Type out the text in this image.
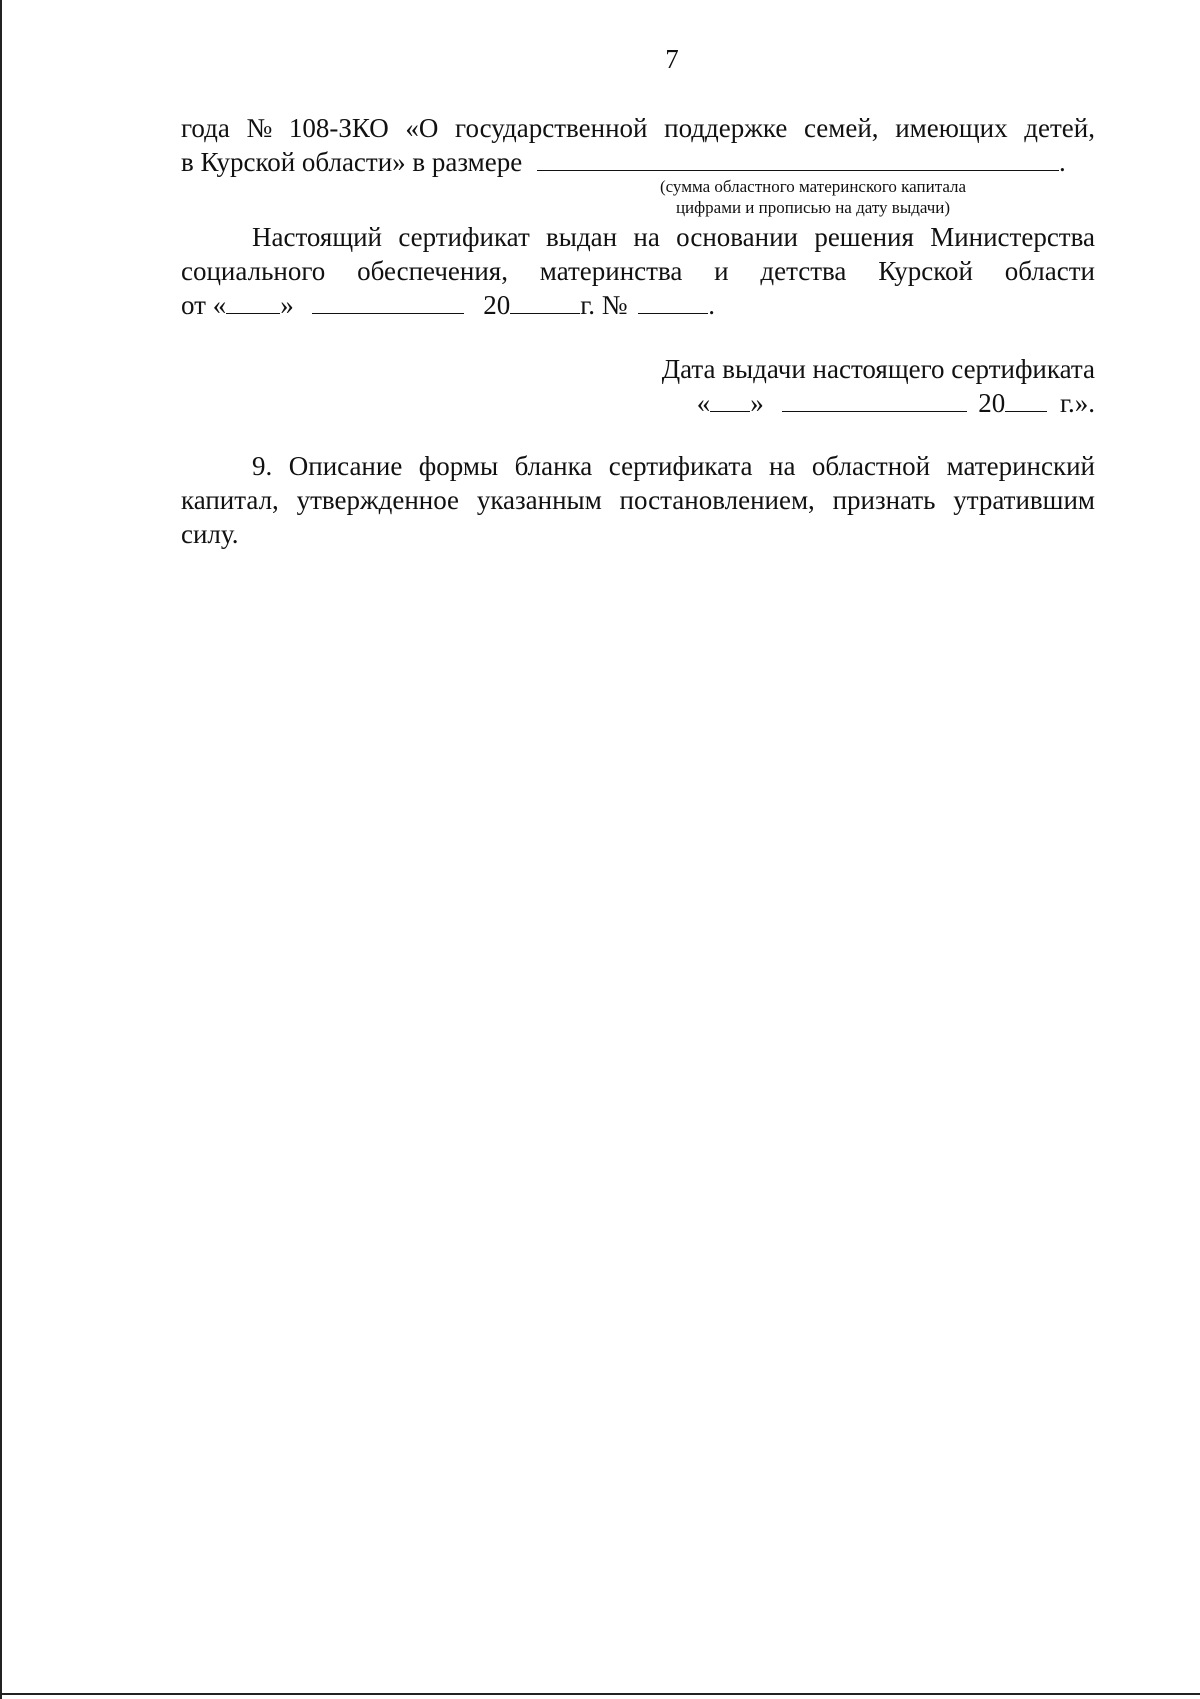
7
года № 108-ЗКО «О государственной поддержке семей, имеющих детей,
в Курской области» в размере	.
(сумма областного материнского капитала
цифрами и прописью на дату выдачи)
Настоящий сертификат выдан на основании решения Министерства
социального обеспечения, материнства и детства Курской области
от « »	20	г. №	.
Дата выдачи настоящего сертификата
« »	20 г.».
9. Описание формы бланка сертификата на областной материнский
капитал, утвержденное указанным постановлением, признать утратившим
силу.
